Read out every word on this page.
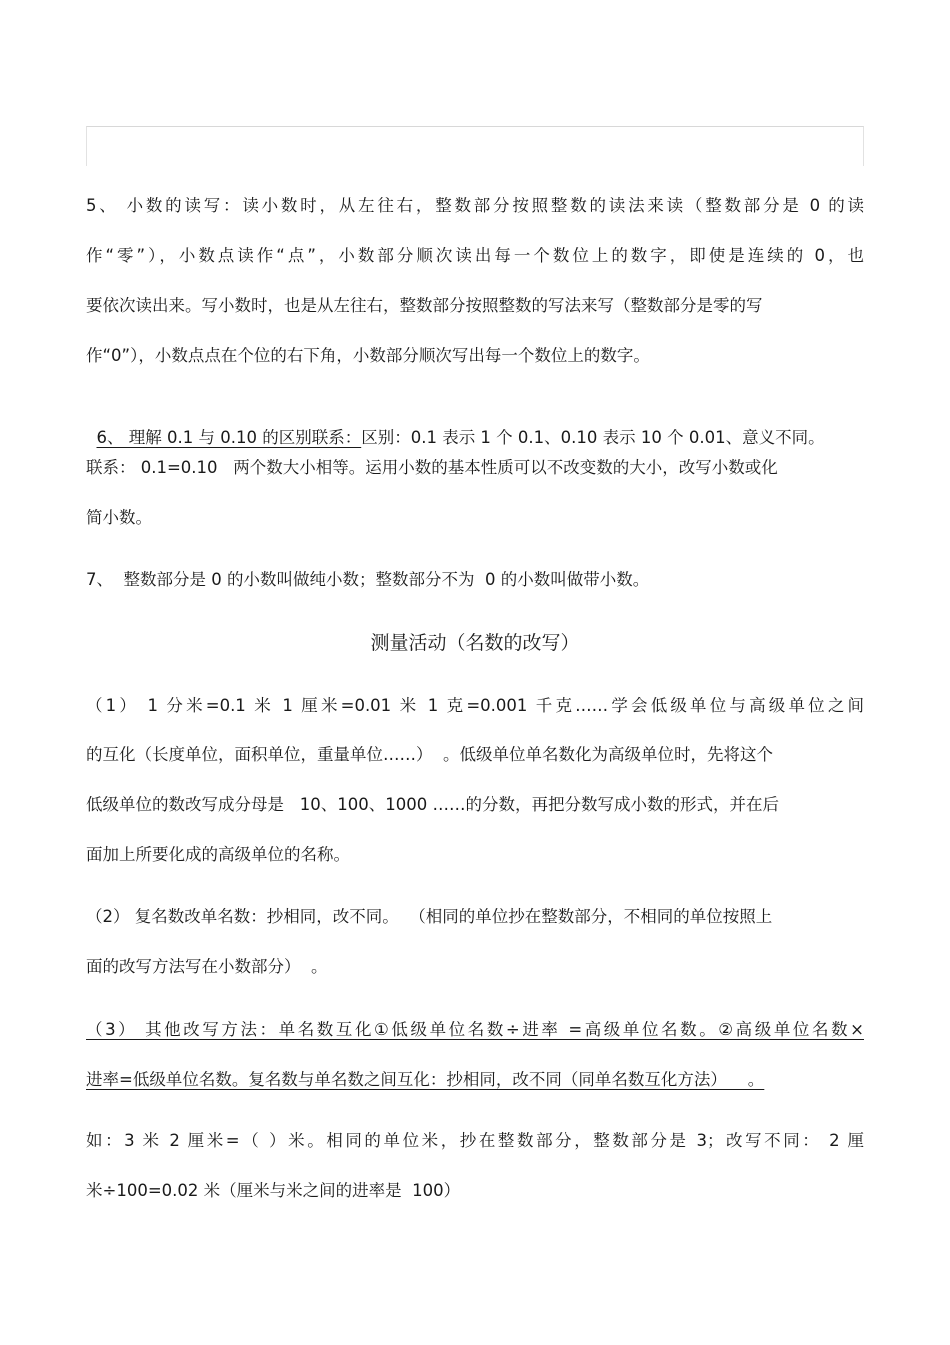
5、 小数的读写：读小数时，从左往右，整数部分按照整数的读法来读（整数部分是 0 的读
作“零”），小数点读作“点”，小数部分顺次读出每一个数位上的数字，即使是连续的 0，也
要依次读出来。写小数时，也是从左往右，整数部分按照整数的写法来写（整数部分是零的写
作“0”），小数点点在个位的右下角，小数部分顺次写出每一个数位上的数字。

6、 理解 0.1 与 0.10 的区别联系：区别：0.1 表示 1 个 0.1、0.10 表示 10 个 0.01、意义不同。

联系： 0.1=0.10   两个数大小相等。运用小数的基本性质可以不改变数的大小，改写小数或化
简小数。
7、  整数部分是 0 的小数叫做纯小数；整数部分不为  0 的小数叫做带小数。
测量活动（名数的改写）
（1） 1 分米=0.1 米 1 厘米=0.01 米 1 克=0.001 千克……学会低级单位与高级单位之间
的互化（长度单位，面积单位，重量单位……）  。低级单位单名数化为高级单位时，先将这个
低级单位的数改写成分母是   10、100、1000 ……的分数，再把分数写成小数的形式，并在后
面加上所要化成的高级单位的名称。
（2） 复名数改单名数：抄相同，改不同。  （相同的单位抄在整数部分，不相同的单位按照上
面的改写方法写在小数部分）  。
（3） 其他改写方法：单名数互化①低级单位名数÷进率 =高级单位名数。②高级单位名数×
进率=低级单位名数。复名数与单名数之间互化：抄相同，改不同（同单名数互化方法）    。
如：3 米 2 厘米=（ ）米。相同的单位米，抄在整数部分，整数部分是 3；改写不同： 2 厘
米÷100=0.02 米（厘米与米之间的进率是  100）
